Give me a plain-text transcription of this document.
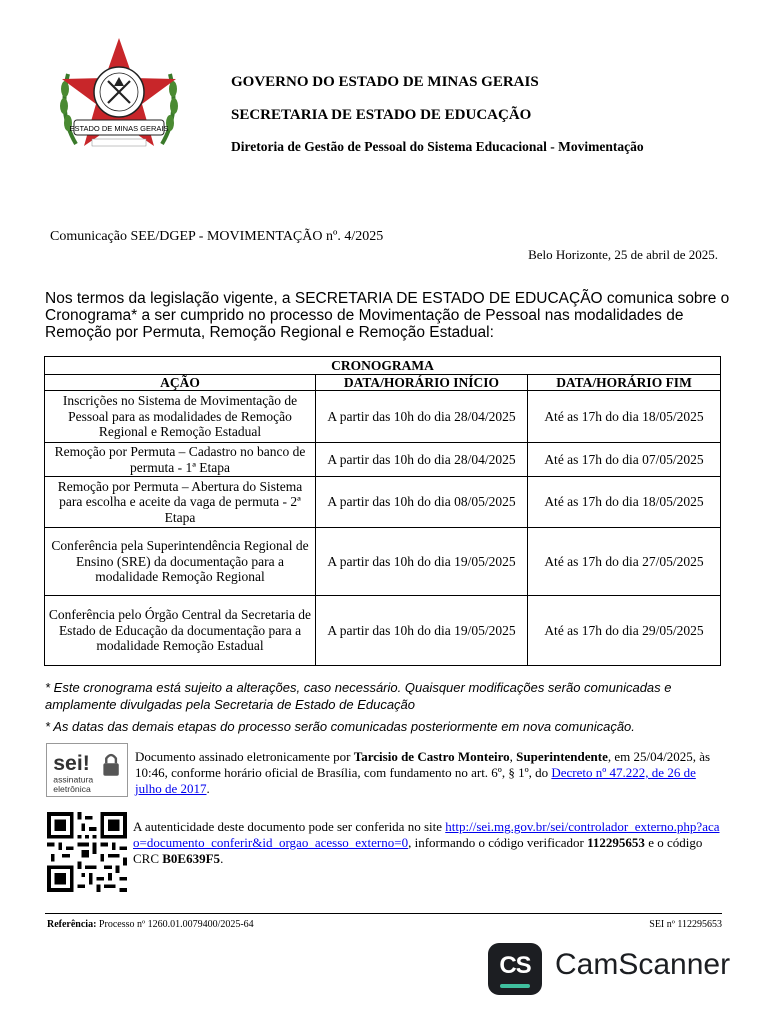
ESTADO DE MINAS GERAIS
GOVERNO DO ESTADO DE MINAS GERAIS
SECRETARIA DE ESTADO DE EDUCAÇÃO
Diretoria de Gestão de Pessoal do Sistema Educacional - Movimentação
Comunicação SEE/DGEP - MOVIMENTAÇÃO nº. 4/2025
Belo Horizonte, 25 de abril de 2025.
Nos termos da legislação vigente, a SECRETARIA DE ESTADO DE EDUCAÇÃO comunica sobre o Cronograma* a ser cumprido no processo de Movimentação de Pessoal nas modalidades de Remoção por Permuta, Remoção Regional e Remoção Estadual:
CRONOGRAMA		
AÇÃO	DATA/HORÁRIO INÍCIO	DATA/HORÁRIO FIM
Inscrições no Sistema de Movimentação de Pessoal para as modalidades de Remoção Regional e Remoção Estadual	A partir das 10h do dia 28/04/2025	Até as 17h do dia 18/05/2025
Remoção por Permuta – Cadastro no banco de permuta - 1ª Etapa	A partir das 10h do dia 28/04/2025	Até as 17h do dia 07/05/2025
Remoção por Permuta – Abertura do Sistema para escolha e aceite da vaga de permuta - 2ª Etapa	A partir das 10h do dia 08/05/2025	Até as 17h do dia 18/05/2025
Conferência pela Superintendência Regional de Ensino (SRE) da documentação para a modalidade Remoção Regional	A partir das 10h do dia 19/05/2025	Até as 17h do dia 27/05/2025
Conferência pelo Órgão Central da Secretaria de Estado de Educação da documentação para a modalidade Remoção Estadual	A partir das 10h do dia 19/05/2025	Até as 17h do dia 29/05/2025
* Este cronograma está sujeito a alterações, caso necessário. Quaisquer modificações serão comunicadas e amplamente divulgadas pela Secretaria de Estado de Educação
* As datas das demais etapas do processo serão comunicadas posteriormente em nova comunicação.
sei!
assinatura
eletrônica
Documento assinado eletronicamente por Tarcisio de Castro Monteiro, Superintendente, em 25/04/2025, às 10:46, conforme horário oficial de Brasília, com fundamento no art. 6º, § 1º, do Decreto nº 47.222, de 26 de julho de 2017.
A autenticidade deste documento pode ser conferida no site http://sei.mg.gov.br/sei/controlador_externo.php?acao=documento_conferir&id_orgao_acesso_externo=0, informando o código verificador 112295653 e o código CRC B0E639F5.
Referência: Processo nº 1260.01.0079400/2025-64	SEI nº 112295653
CS CamScanner
